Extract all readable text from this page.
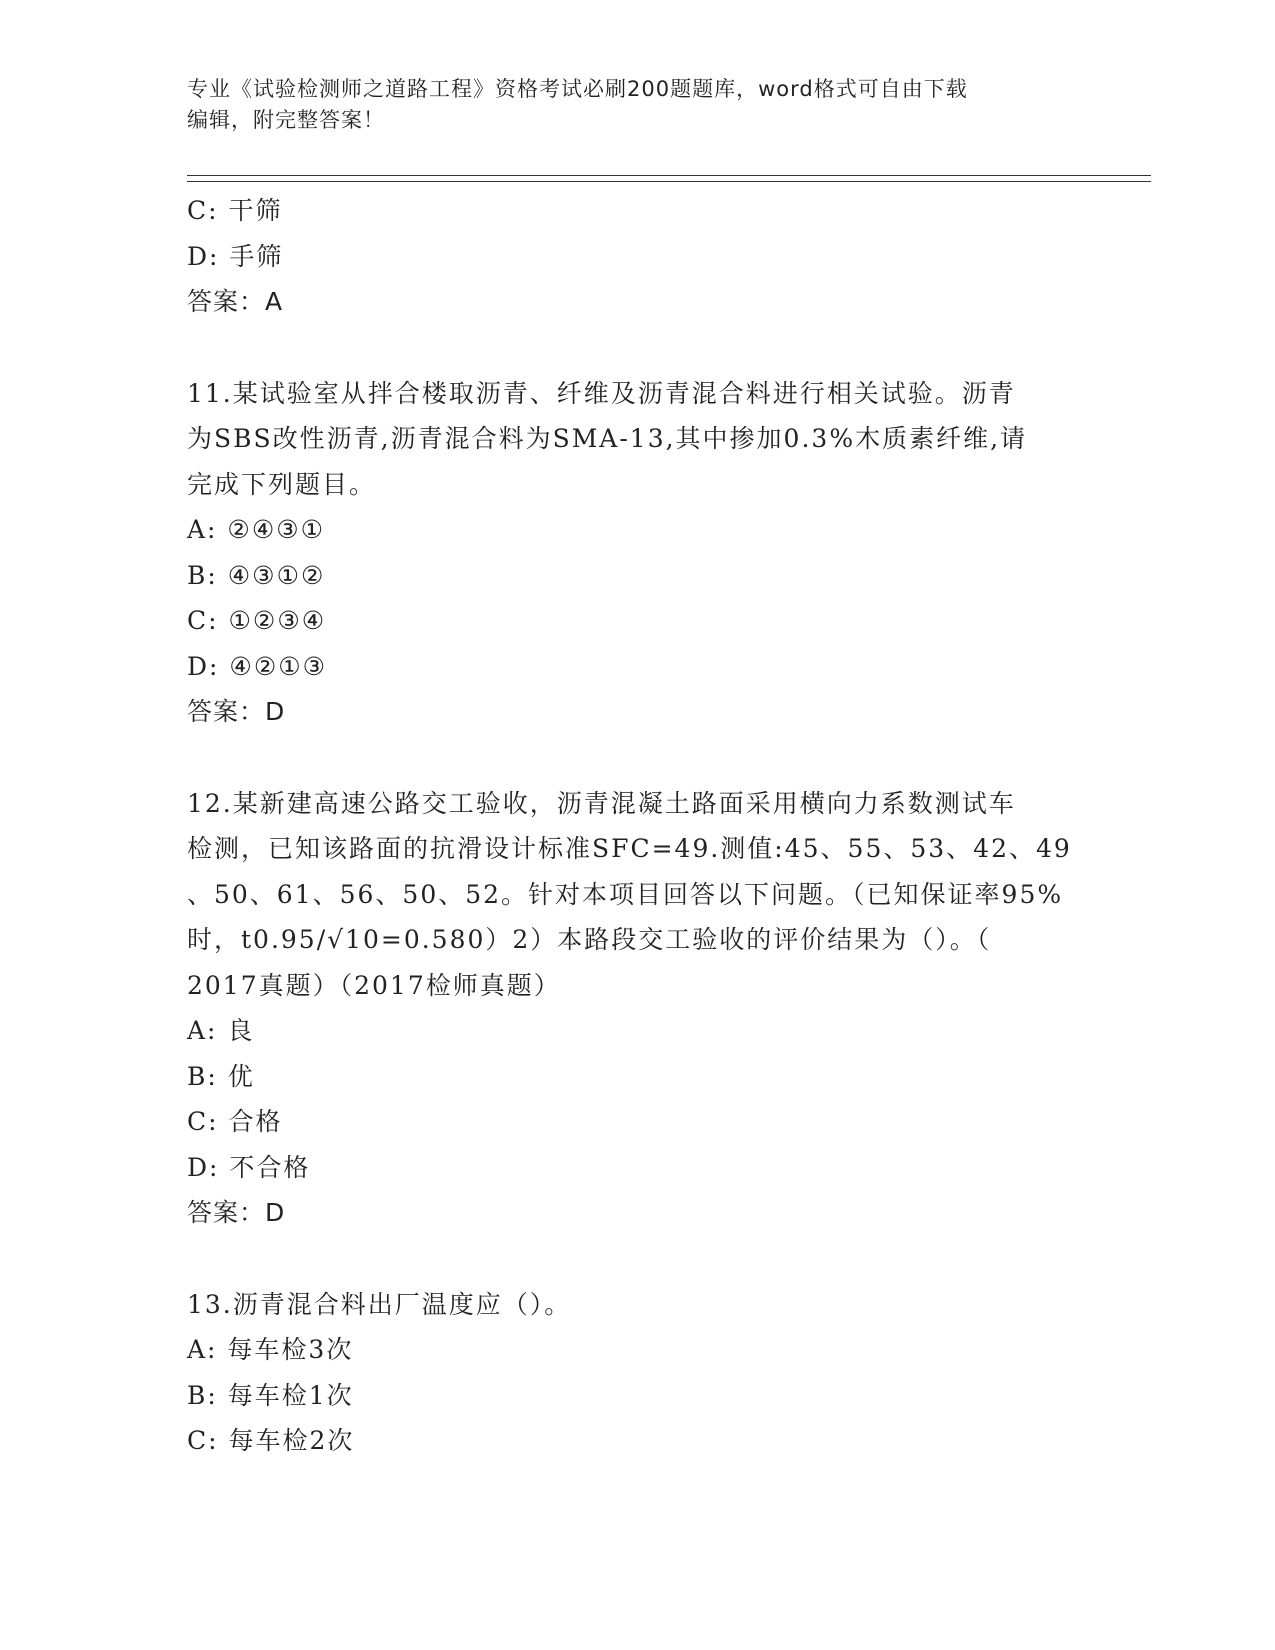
专业《试验检测师之道路工程》资格考试必刷200题题库，word格式可自由下载
编辑，附完整答案！
C: 干筛
D: 手筛
答案：A
11.某试验室从拌合楼取沥青、纤维及沥青混合料进行相关试验。沥青
为SBS改性沥青,沥青混合料为SMA-13,其中掺加0.3%木质素纤维,请
完成下列题目。
A: ②④③①
B: ④③①②
C: ①②③④
D: ④②①③
答案：D
12.某新建高速公路交工验收，沥青混凝土路面采用横向力系数测试车
检测，已知该路面的抗滑设计标准SFC=49.测值:45、55、53、42、49
、50、61、56、50、52。针对本项目回答以下问题。（已知保证率95%
时，t0.95/√10=0.580）2）本路段交工验收的评价结果为（）。（
2017真题）（2017检师真题）
A: 良
B: 优
C: 合格
D: 不合格
答案：D
13.沥青混合料出厂温度应（）。
A: 每车检3次
B: 每车检1次
C: 每车检2次
